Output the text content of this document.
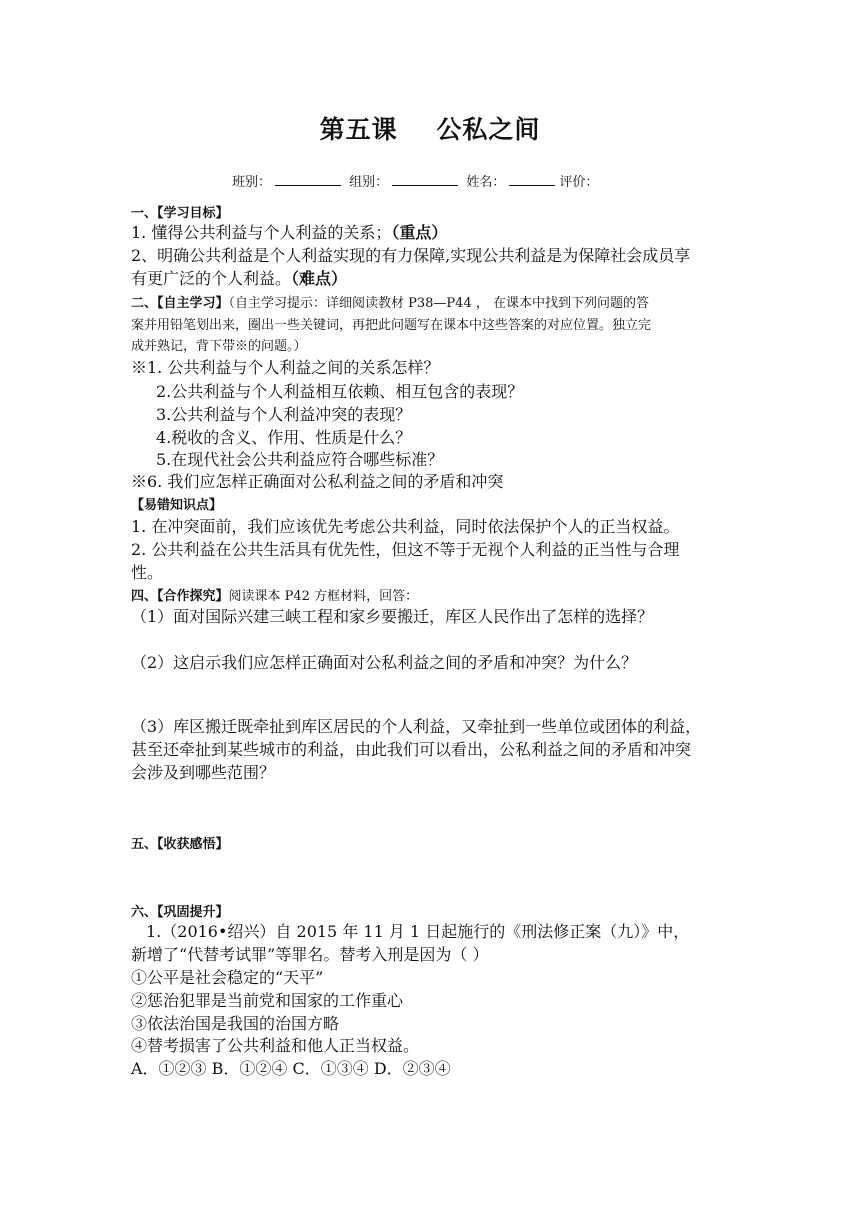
第五课    公私之间
班别：	组别：	姓名：	评价：
一、【学习目标】
1. 懂得公共利益与个人利益的关系；（重点）
2、明确公共利益是个人利益实现的有力保障,实现公共利益是为保障社会成员享
有更广泛的个人利益。（难点）
二、【自主学习】（自主学习提示：详细阅读教材 P38—P44 ， 在课本中找到下列问题的答
案并用铅笔划出来，圈出一些关键词，再把此问题写在课本中这些答案的对应位置。独立完
成并熟记，背下带※的问题。）
※1. 公共利益与个人利益之间的关系怎样？
2.公共利益与个人利益相互依赖、相互包含的表现？
3.公共利益与个人利益冲突的表现？
4.税收的含义、作用、性质是什么？
5.在现代社会公共利益应符合哪些标准？
※6. 我们应怎样正确面对公私利益之间的矛盾和冲突
【易错知识点】
1. 在冲突面前，我们应该优先考虑公共利益，同时依法保护个人的正当权益。
2. 公共利益在公共生活具有优先性，但这不等于无视个人利益的正当性与合理
性。
四、【合作探究】阅读课本 P42 方框材料，回答：
（1）面对国际兴建三峡工程和家乡要搬迁，库区人民作出了怎样的选择？
（2）这启示我们应怎样正确面对公私利益之间的矛盾和冲突？为什么？
（3）库区搬迁既牵扯到库区居民的个人利益，又牵扯到一些单位或团体的利益，
甚至还牵扯到某些城市的利益，由此我们可以看出，公私利益之间的矛盾和冲突
会涉及到哪些范围？
五、【收获感悟】
六、【巩固提升】
1.（2016•绍兴）自 2015 年 11 月 1 日起施行的《刑法修正案（九）》中，
新增了“代替考试罪”等罪名。替考入刑是因为（ ）
①公平是社会稳定的“天平”
②惩治犯罪是当前党和国家的工作重心
③依法治国是我国的治国方略
④替考损害了公共利益和他人正当权益。
A．①②③ B．①②④ C．①③④ D．②③④
